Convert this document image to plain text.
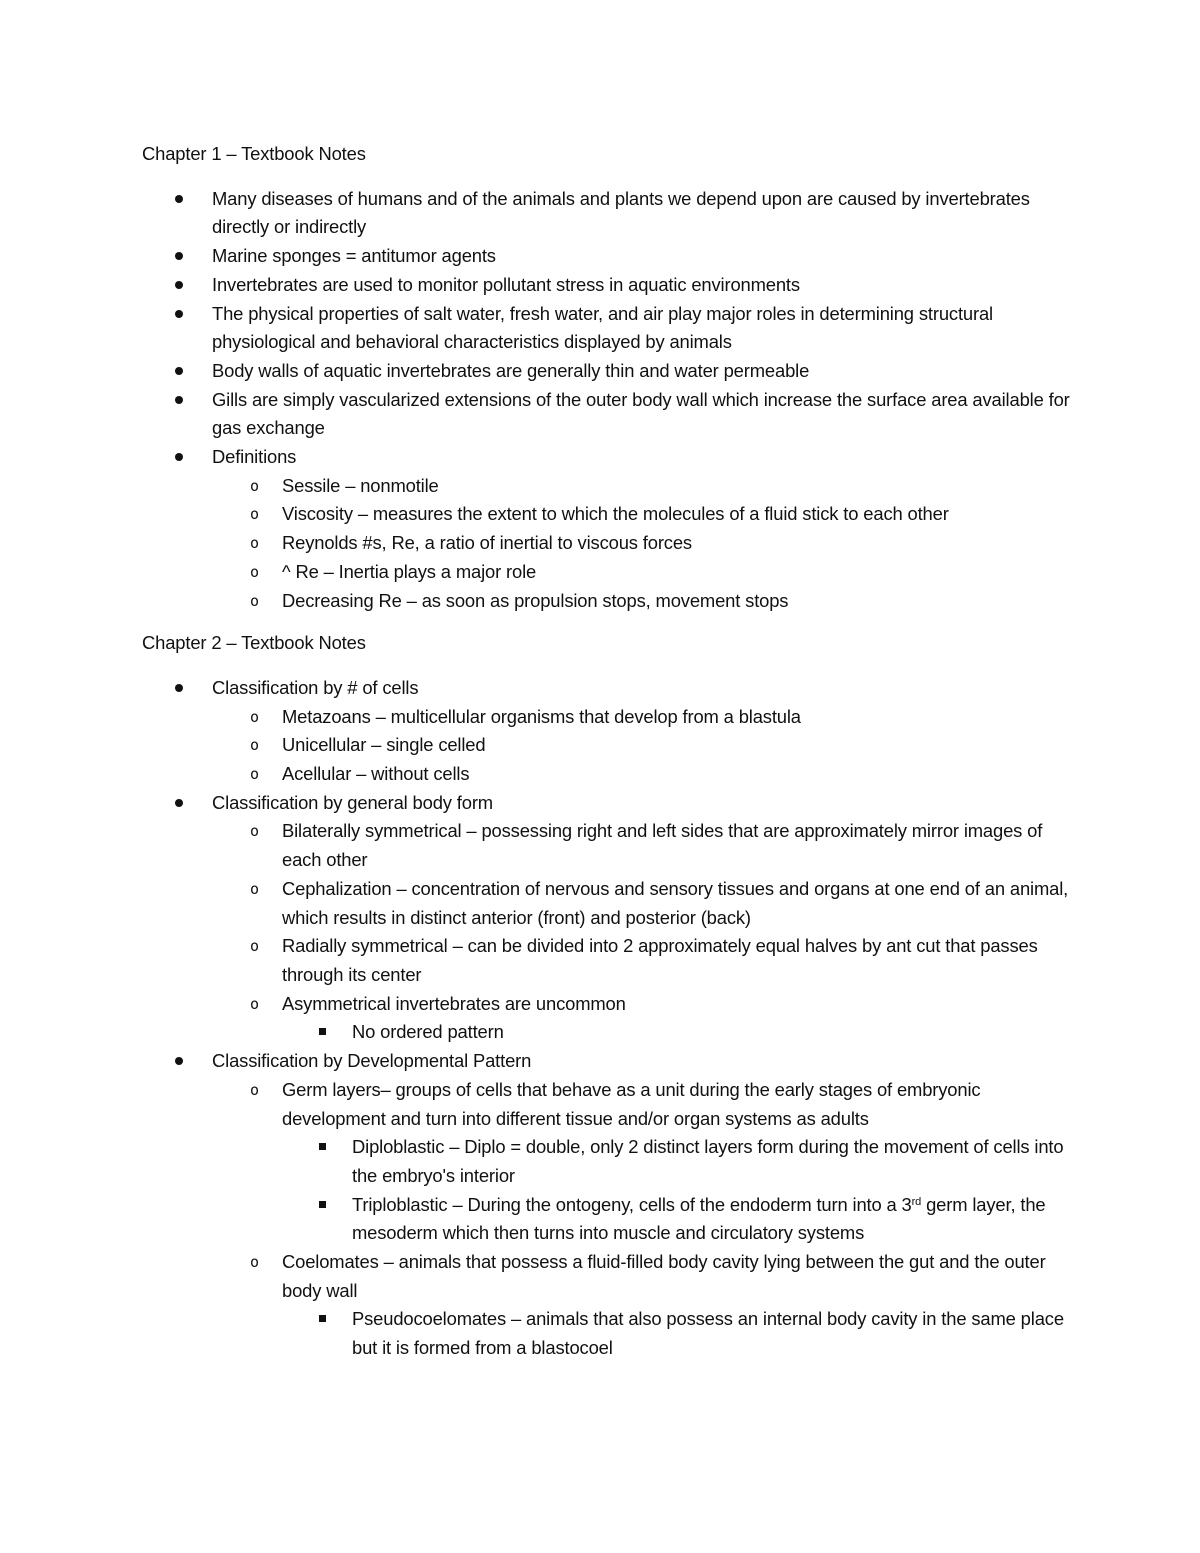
Chapter 1 – Textbook Notes
Many diseases of humans and of the animals and plants we depend upon are caused by invertebrates directly or indirectly
Marine sponges = antitumor agents
Invertebrates are used to monitor pollutant stress in aquatic environments
The physical properties of salt water, fresh water, and air play major roles in determining structural physiological and behavioral characteristics displayed by animals
Body walls of aquatic invertebrates are generally thin and water permeable
Gills are simply vascularized extensions of the outer body wall which increase the surface area available for gas exchange
Definitions
o Sessile – nonmotile
o Viscosity – measures the extent to which the molecules of a fluid stick to each other
o Reynolds #s, Re, a ratio of inertial to viscous forces
o ^ Re – Inertia plays a major role
o Decreasing Re – as soon as propulsion stops, movement stops
Chapter 2 – Textbook Notes
Classification by # of cells
o Metazoans – multicellular organisms that develop from a blastula
o Unicellular – single celled
o Acellular – without cells
Classification by general body form
o Bilaterally symmetrical – possessing right and left sides that are approximately mirror images of each other
o Cephalization – concentration of nervous and sensory tissues and organs at one end of an animal, which results in distinct anterior (front) and posterior (back)
o Radially symmetrical – can be divided into 2 approximately equal halves by ant cut that passes through its center
o Asymmetrical invertebrates are uncommon
No ordered pattern
Classification by Developmental Pattern
o Germ layers– groups of cells that behave as a unit during the early stages of embryonic development and turn into different tissue and/or organ systems as adults
Diploblastic – Diplo = double, only 2 distinct layers form during the movement of cells into the embryo's interior
Triploblastic – During the ontogeny, cells of the endoderm turn into a 3rd germ layer, the mesoderm which then turns into muscle and circulatory systems
o Coelomates – animals that possess a fluid-filled body cavity lying between the gut and the outer body wall
Pseudocoelomates – animals that also possess an internal body cavity in the same place but it is formed from a blastocoel
